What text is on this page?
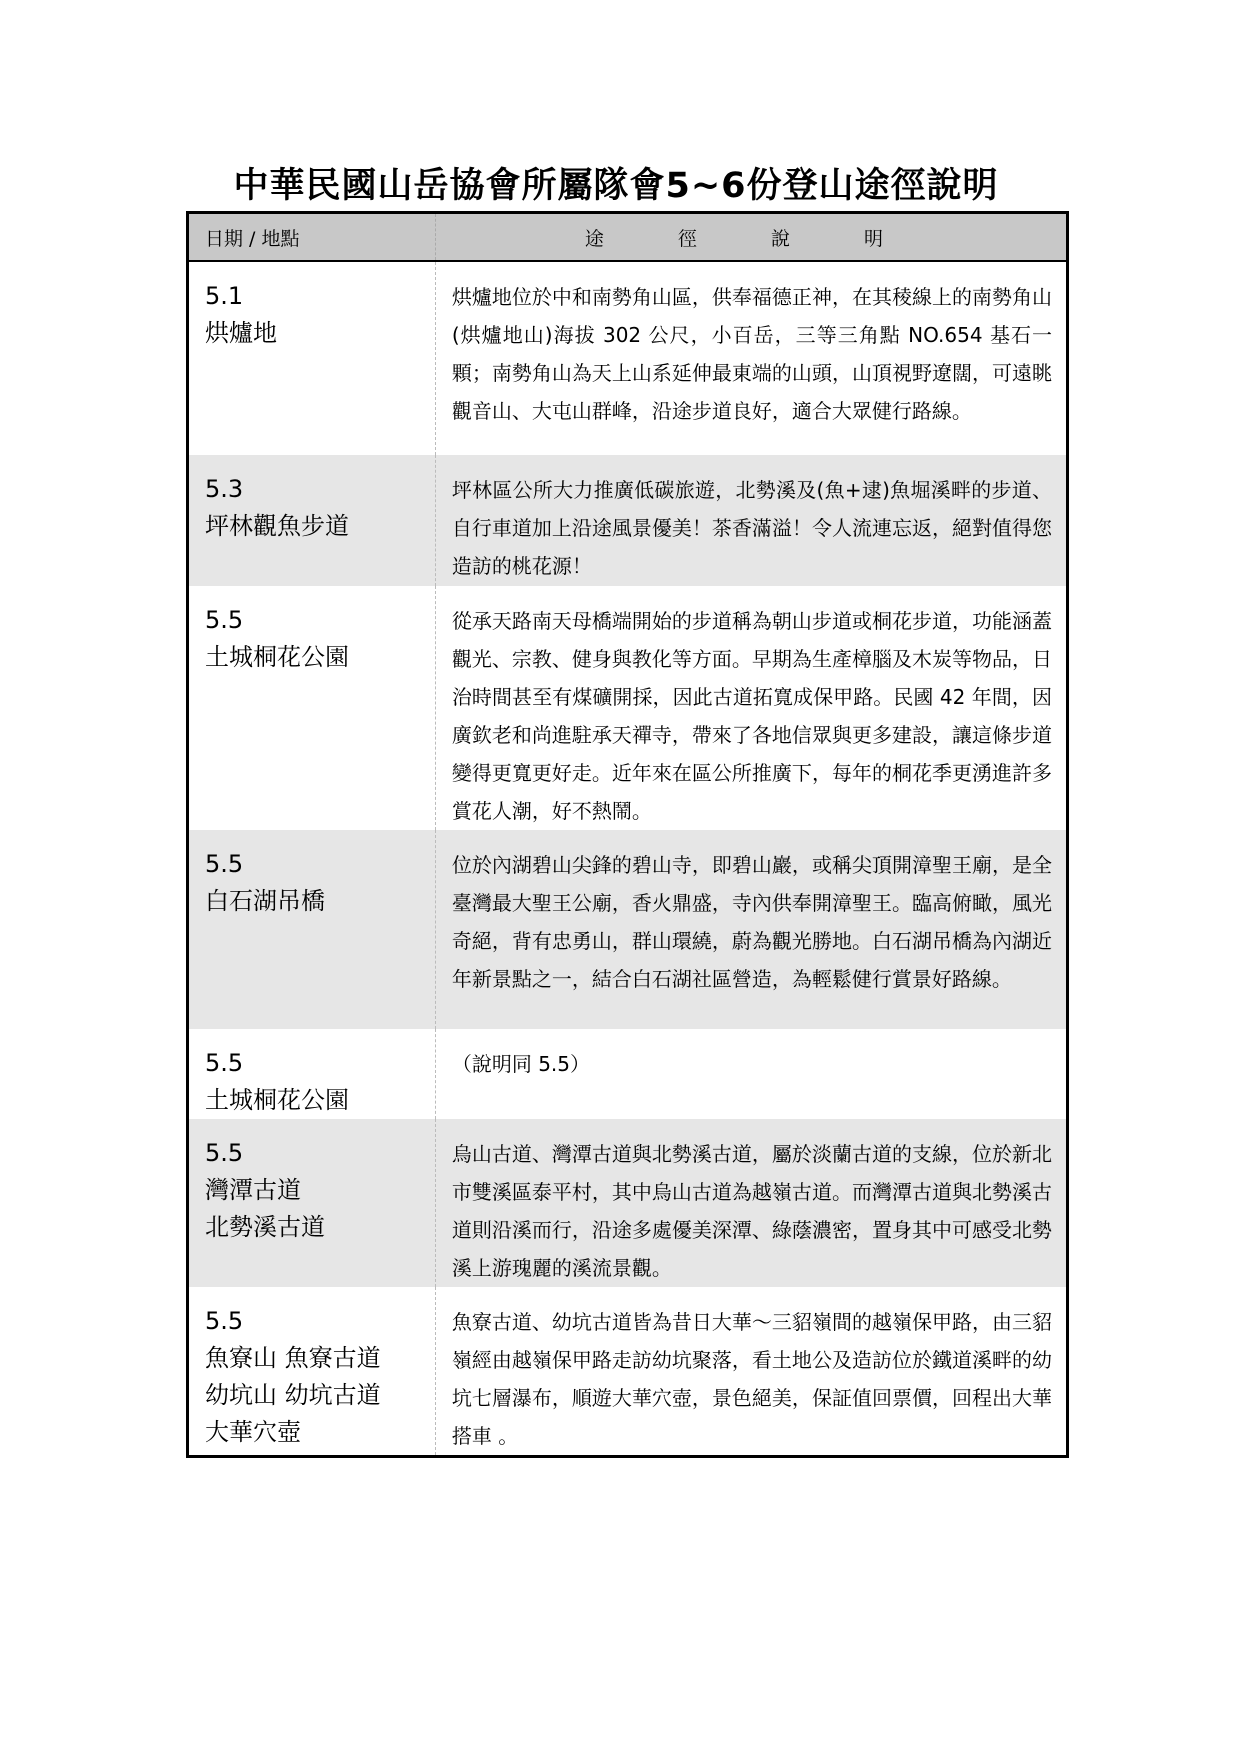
中華民國山岳協會所屬隊會5~6份登山途徑說明
日期 / 地點	途 徑 說 明

5.1
烘爐地	烘爐地位於中和南勢角山區，供奉福德正神，在其稜線上的南勢角山(烘爐地山)海拔 302 公尺，小百岳，三等三角點 NO.654 基石一顆；南勢角山為天上山系延伸最東端的山頭，山頂視野遼闊，可遠眺觀音山、大屯山群峰，沿途步道良好，適合大眾健行路線。

5.3
坪林觀魚步道	坪林區公所大力推廣低碳旅遊，北勢溪及(魚+逮)魚堀溪畔的步道、自行車道加上沿途風景優美！茶香滿溢！令人流連忘返，絕對值得您造訪的桃花源！

5.5
土城桐花公園	從承天路南天母橋端開始的步道稱為朝山步道或桐花步道，功能涵蓋觀光、宗教、健身與教化等方面。早期為生產樟腦及木炭等物品，日治時間甚至有煤礦開採，因此古道拓寬成保甲路。民國 42 年間，因廣欽老和尚進駐承天禪寺，帶來了各地信眾與更多建設，讓這條步道變得更寬更好走。近年來在區公所推廣下，每年的桐花季更湧進許多賞花人潮，好不熱鬧。

5.5
白石湖吊橋	位於內湖碧山尖鋒的碧山寺，即碧山巖，或稱尖頂開漳聖王廟，是全臺灣最大聖王公廟，香火鼎盛，寺內供奉開漳聖王。臨高俯瞰，風光奇絕，背有忠勇山，群山環繞，蔚為觀光勝地。白石湖吊橋為內湖近年新景點之一，結合白石湖社區營造，為輕鬆健行賞景好路線。

5.5
土城桐花公園	（說明同 5.5）

5.5
灣潭古道
北勢溪古道	烏山古道、灣潭古道與北勢溪古道，屬於淡蘭古道的支線，位於新北市雙溪區泰平村，其中烏山古道為越嶺古道。而灣潭古道與北勢溪古道則沿溪而行，沿途多處優美深潭、綠蔭濃密，置身其中可感受北勢溪上游瑰麗的溪流景觀。

5.5
魚寮山 魚寮古道
幼坑山 幼坑古道
大華穴壺	魚寮古道、幼坑古道皆為昔日大華～三貂嶺間的越嶺保甲路，由三貂嶺經由越嶺保甲路走訪幼坑聚落，看土地公及造訪位於鐵道溪畔的幼坑七層瀑布，順遊大華穴壺，景色絕美，保証值回票價，回程出大華搭車 。
